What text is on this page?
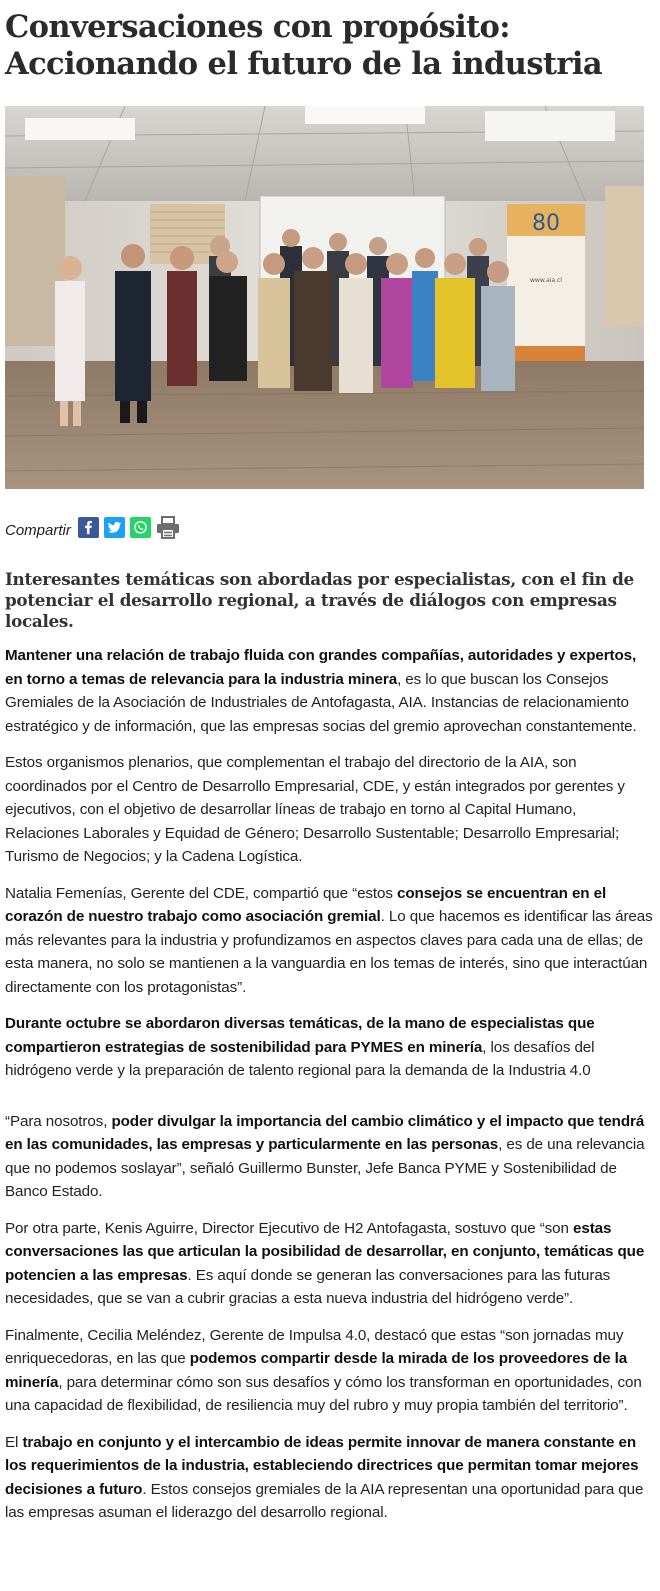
Conversaciones con propósito: Accionando el futuro de la industria
80
www.aia.cl
Compartir
Interesantes temáticas son abordadas por especialistas, con el fin de potenciar el desarrollo regional, a través de diálogos con empresas locales.

Mantener una relación de trabajo fluida con grandes compañías, autoridades y expertos, en torno a temas de relevancia para la industria minera, es lo que buscan los Consejos Gremiales de la Asociación de Industriales de Antofagasta, AIA. Instancias de relacionamiento estratégico y de información, que las empresas socias del gremio aprovechan constantemente.

Estos organismos plenarios, que complementan el trabajo del directorio de la AIA, son coordinados por el Centro de Desarrollo Empresarial, CDE, y están integrados por gerentes y ejecutivos, con el objetivo de desarrollar líneas de trabajo en torno al Capital Humano, Relaciones Laborales y Equidad de Género; Desarrollo Sustentable; Desarrollo Empresarial; Turismo de Negocios; y la Cadena Logística.

Natalia Femenías, Gerente del CDE, compartió que “estos consejos se encuentran en el corazón de nuestro trabajo como asociación gremial. Lo que hacemos es identificar las áreas más relevantes para la industria y profundizamos en aspectos claves para cada una de ellas; de esta manera, no solo se mantienen a la vanguardia en los temas de interés, sino que interactúan directamente con los protagonistas”.

Durante octubre se abordaron diversas temáticas, de la mano de especialistas que compartieron estrategias de sostenibilidad para PYMES en minería, los desafíos del hidrógeno verde y la preparación de talento regional para la demanda de la Industria 4.0

“Para nosotros, poder divulgar la importancia del cambio climático y el impacto que tendrá en las comunidades, las empresas y particularmente en las personas, es de una relevancia que no podemos soslayar”, señaló Guillermo Bunster, Jefe Banca PYME y Sostenibilidad de Banco Estado.

Por otra parte, Kenis Aguirre, Director Ejecutivo de H2 Antofagasta, sostuvo que “son estas conversaciones las que articulan la posibilidad de desarrollar, en conjunto, temáticas que potencien a las empresas. Es aquí donde se generan las conversaciones para las futuras necesidades, que se van a cubrir gracias a esta nueva industria del hidrógeno verde”.

Finalmente, Cecilia Meléndez, Gerente de Impulsa 4.0, destacó que estas “son jornadas muy enriquecedoras, en las que podemos compartir desde la mirada de los proveedores de la minería, para determinar cómo son sus desafíos y cómo los transforman en oportunidades, con una capacidad de flexibilidad, de resiliencia muy del rubro y muy propia también del territorio”.

El trabajo en conjunto y el intercambio de ideas permite innovar de manera constante en los requerimientos de la industria, estableciendo directrices que permitan tomar mejores decisiones a futuro. Estos consejos gremiales de la AIA representan una oportunidad para que las empresas asuman el liderazgo del desarrollo regional.
